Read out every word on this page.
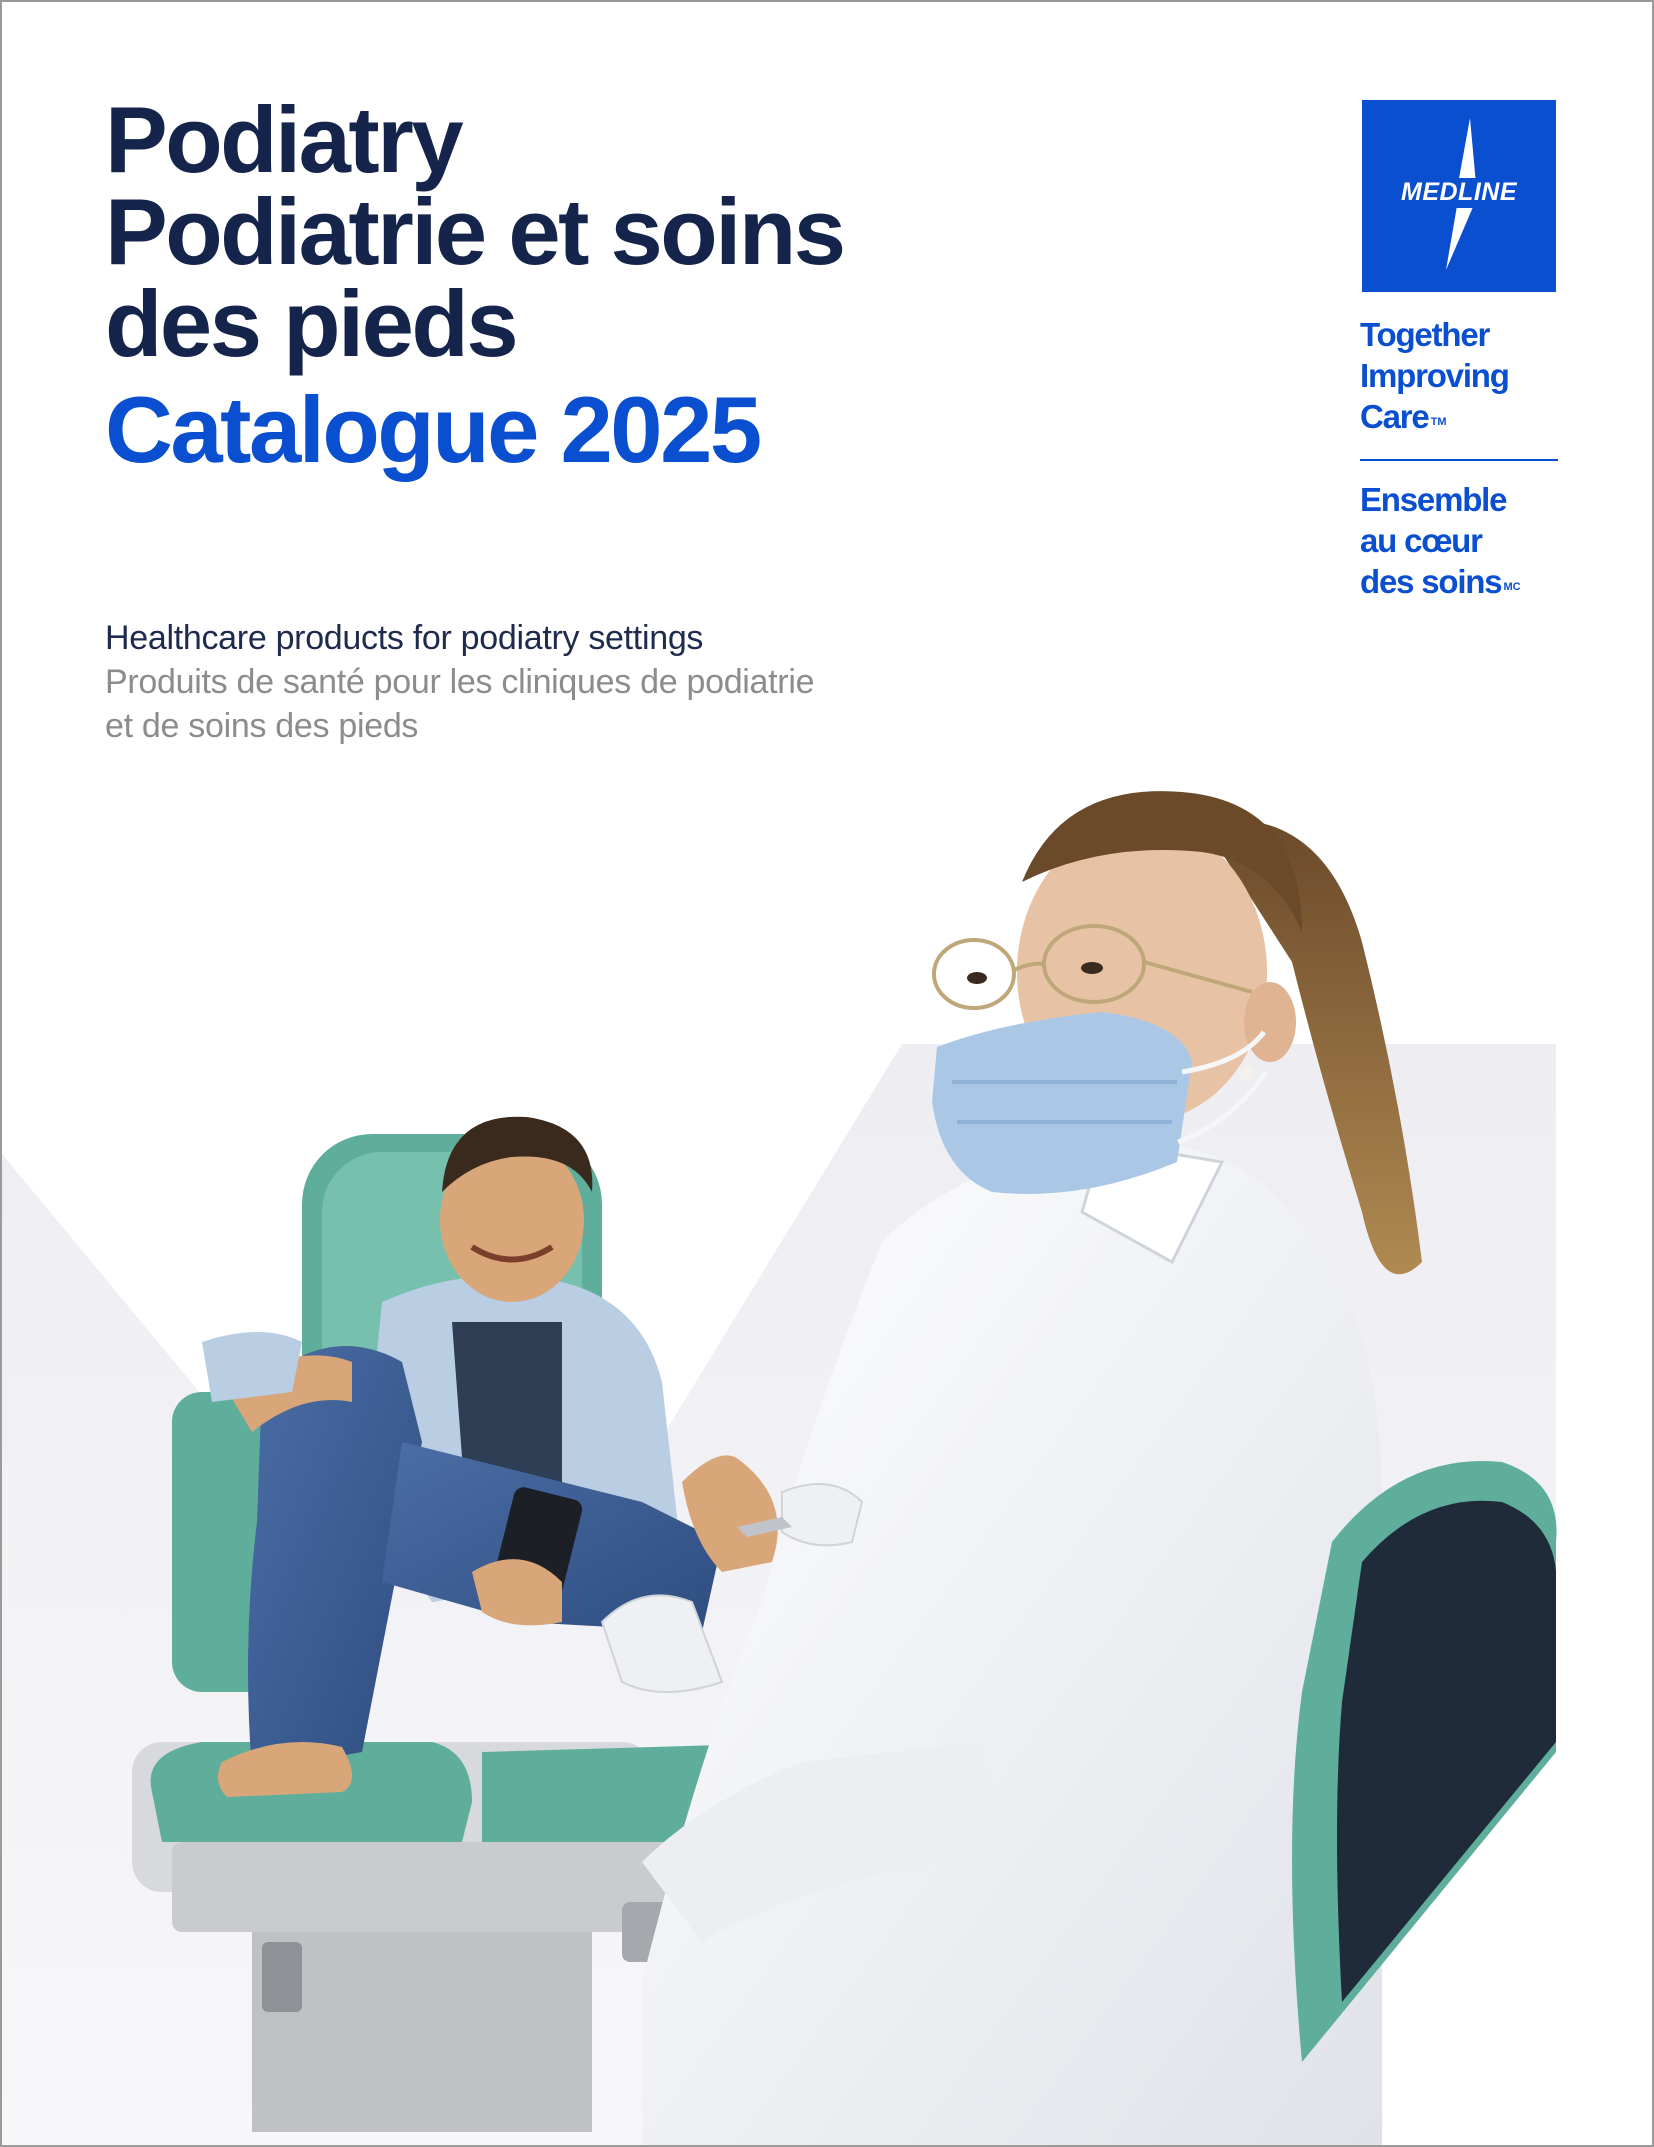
Podiatry
Podiatrie et soins
des pieds
Catalogue 2025

Healthcare products for podiatry settings

Produits de santé pour les cliniques de podiatrie

et de soins des pieds

MEDLINE

Together

Improving

Care ™

Ensemble

au cœur

des soins $^{MC}$
